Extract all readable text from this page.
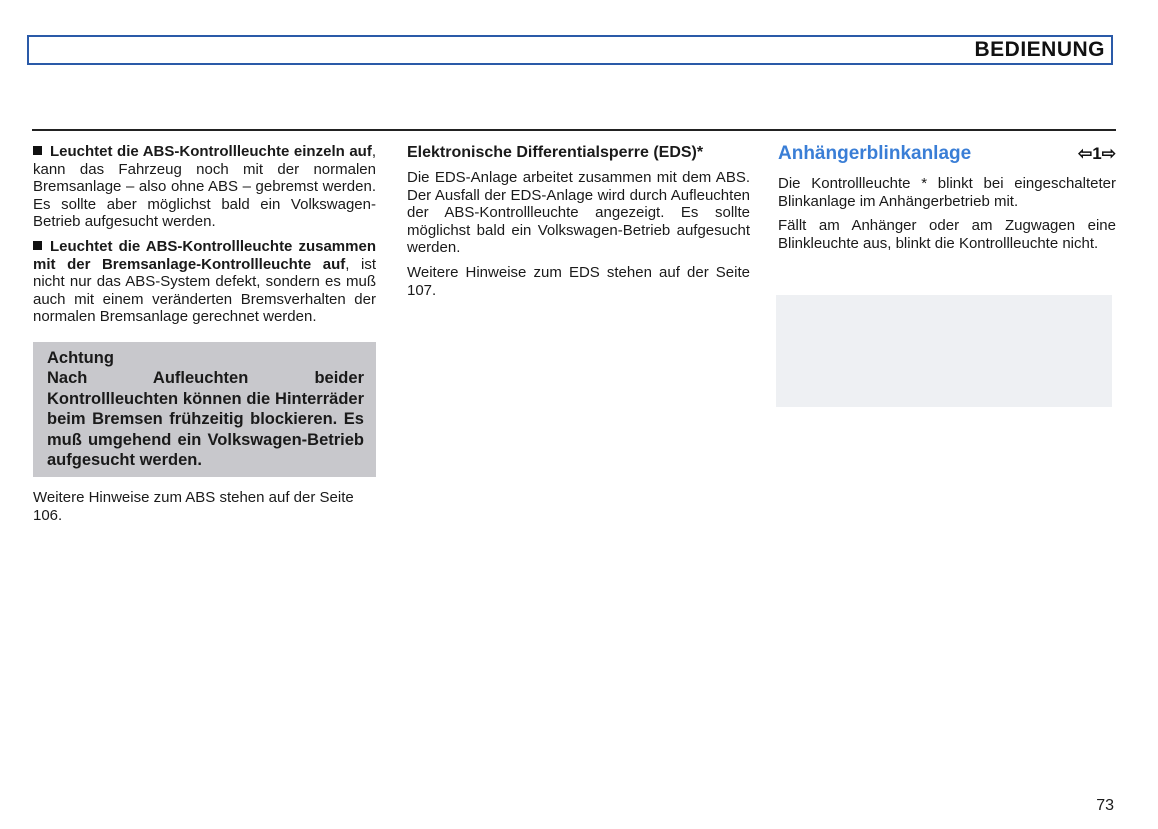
BEDIENUNG

Leuchtet die ABS-Kontrollleuchte einzeln auf, kann das Fahrzeug noch mit der normalen Bremsanlage – also ohne ABS – gebremst werden. Es sollte aber möglichst bald ein Volkswagen-Betrieb aufgesucht werden.

Leuchtet die ABS-Kontrollleuchte zusammen mit der Bremsanlage-Kontrollleuchte auf, ist nicht nur das ABS-System defekt, sondern es muß auch mit einem veränderten Bremsverhalten der normalen Bremsanlage gerechnet werden.

Achtung
Nach Aufleuchten beider Kontrollleuchten können die Hinterräder beim Bremsen frühzeitig blockieren. Es muß umgehend ein Volkswagen-Betrieb aufgesucht werden.

Weitere Hinweise zum ABS stehen auf der Seite 106.

Elektronische Differentialsperre (EDS)*

Die EDS-Anlage arbeitet zusammen mit dem ABS. Der Ausfall der EDS-Anlage wird durch Aufleuchten der ABS-Kontrollleuchte angezeigt. Es sollte möglichst bald ein Volkswagen-Betrieb aufgesucht werden.

Weitere Hinweise zum EDS stehen auf der Seite 107.

Anhängerblinkanlage	⇦1⇨

Die Kontrollleuchte * blinkt bei eingeschalteter Blinkanlage im Anhängerbetrieb mit.

Fällt am Anhänger oder am Zugwagen eine Blinkleuchte aus, blinkt die Kontrollleuchte nicht.

73
